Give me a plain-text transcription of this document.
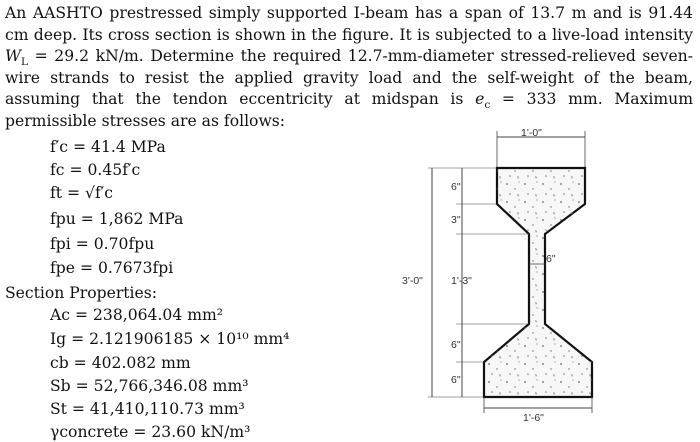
An AASHTO prestressed simply supported I-beam has a span of 13.7 m and is 91.44 cm deep. Its cross section is shown in the figure. It is subjected to a live-load intensity $W_L = 29.2$ kN/m. Determine the required 12.7-mm-diameter stressed-relieved seven-wire strands to resist the applied gravity load and the self-weight of the beam, assuming that the tendon eccentricity at midspan is $e_c = 333$ mm. Maximum permissible stresses are as follows:

f′c = 41.4 MPa
fc = 0.45f′c
ft = √f′c
fpu = 1,862 MPa
fpi = 0.70fpu
fpe = 0.7673fpi
Section Properties:
Ac = 238,064.04 mm²
Ig = 2.121906185 × 10¹⁰ mm⁴
cb = 402.082 mm
Sb = 52,766,346.08 mm³
St = 41,410,110.73 mm³
γconcrete = 23.60 kN/m³
1'-0"
6"
3'-0"
6"
3"
1'-3"
6"
6"
1'-6"
